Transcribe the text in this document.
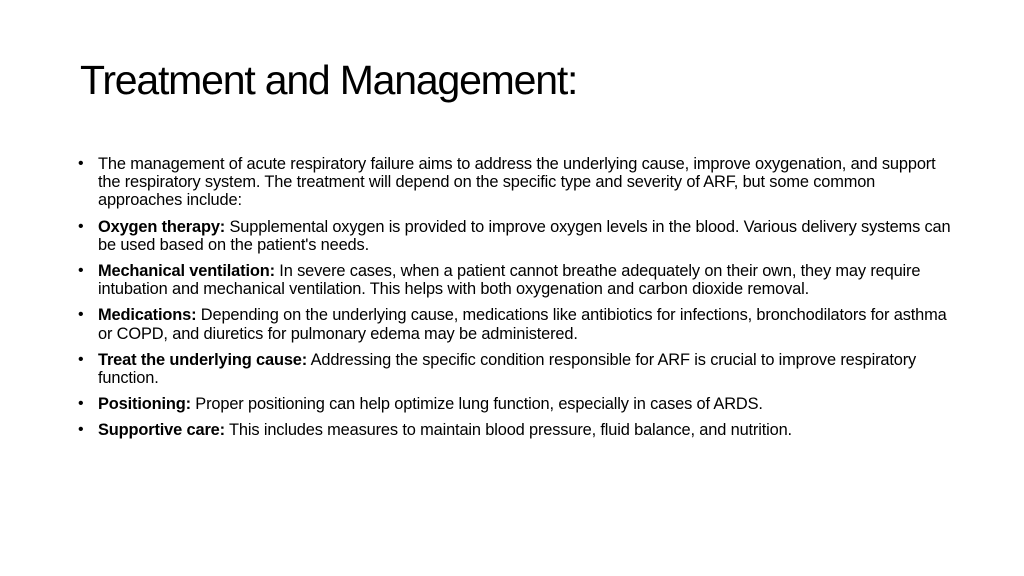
Treatment and Management:
• The management of acute respiratory failure aims to address the underlying cause, improve oxygenation, and support the respiratory system. The treatment will depend on the specific type and severity of ARF, but some common approaches include:
• Oxygen therapy: Supplemental oxygen is provided to improve oxygen levels in the blood. Various delivery systems can be used based on the patient's needs.
• Mechanical ventilation: In severe cases, when a patient cannot breathe adequately on their own, they may require intubation and mechanical ventilation. This helps with both oxygenation and carbon dioxide removal.
• Medications: Depending on the underlying cause, medications like antibiotics for infections, bronchodilators for asthma or COPD, and diuretics for pulmonary edema may be administered.
• Treat the underlying cause: Addressing the specific condition responsible for ARF is crucial to improve respiratory function.
• Positioning: Proper positioning can help optimize lung function, especially in cases of ARDS.
• Supportive care: This includes measures to maintain blood pressure, fluid balance, and nutrition.
